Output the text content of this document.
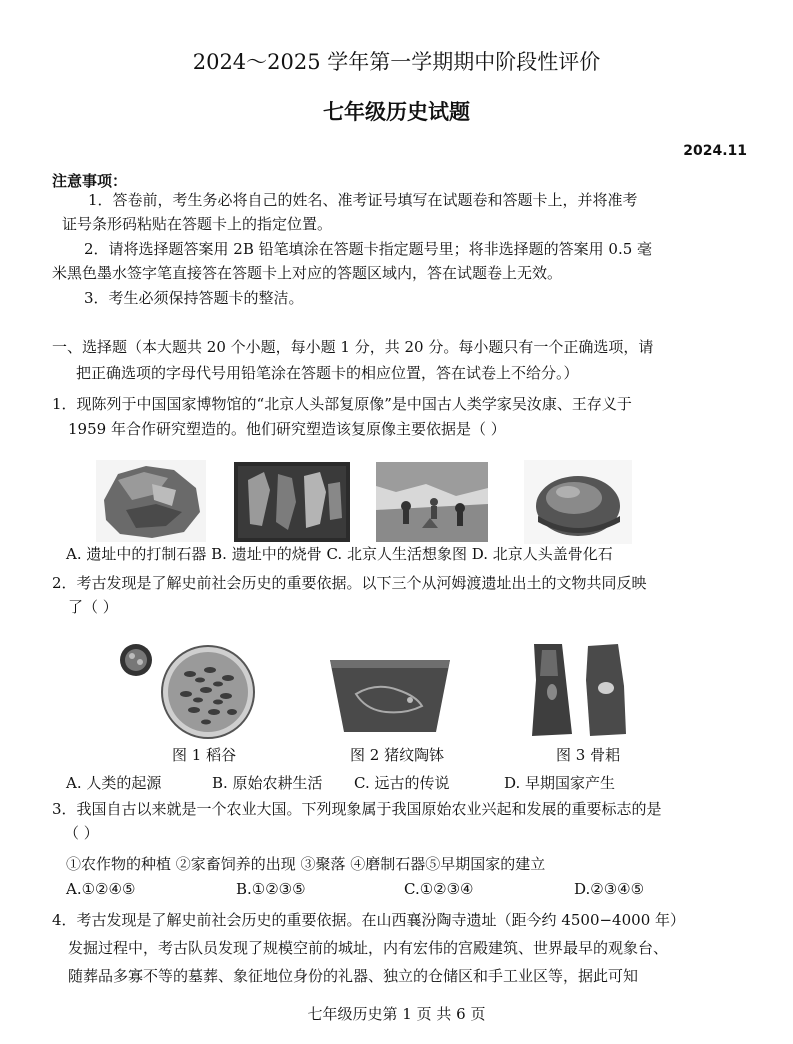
2024～2025 学年第一学期期中阶段性评价
七年级历史试题
2024.11
注意事项：
1．答卷前，考生务必将自己的姓名、准考证号填写在试题卷和答题卡上，并将准考
证号条形码粘贴在答题卡上的指定位置。
2．请将选择题答案用 2B 铅笔填涂在答题卡指定题号里；将非选择题的答案用 0.5 毫
米黑色墨水签字笔直接答在答题卡上对应的答题区域内，答在试题卷上无效。
3．考生必须保持答题卡的整洁。
一、选择题（本大题共 20 个小题，每小题 1 分，共 20 分。每小题只有一个正确选项，请
把正确选项的字母代号用铅笔涂在答题卡的相应位置，答在试卷上不给分。）
1．现陈列于中国国家博物馆的“北京人头部复原像”是中国古人类学家吴汝康、王存义于
1959 年合作研究塑造的。他们研究塑造该复原像主要依据是（ ）
A. 遗址中的打制石器 B. 遗址中的烧骨 C. 北京人生活想象图 D. 北京人头盖骨化石
2．考古发现是了解史前社会历史的重要依据。以下三个从河姆渡遗址出土的文物共同反映
了（ ）
图 1 稻谷	图 2 猪纹陶钵	图 3 骨耜
A. 人类的起源	B. 原始农耕生活 C. 远古的传说	D. 早期国家产生
3．我国自古以来就是一个农业大国。下列现象属于我国原始农业兴起和发展的重要标志的是
（ ）
①农作物的种植 ②家畜饲养的出现 ③聚落 ④磨制石器⑤早期国家的建立
A.①②④⑤	B.①②③⑤	C.①②③④	D.②③④⑤
4．考古发现是了解史前社会历史的重要依据。在山西襄汾陶寺遗址（距今约 4500−4000 年）
发掘过程中，考古队员发现了规模空前的城址，内有宏伟的宫殿建筑、世界最早的观象台、
随葬品多寡不等的墓葬、象征地位身份的礼器、独立的仓储区和手工业区等，据此可知
七年级历史第 1 页 共 6 页
